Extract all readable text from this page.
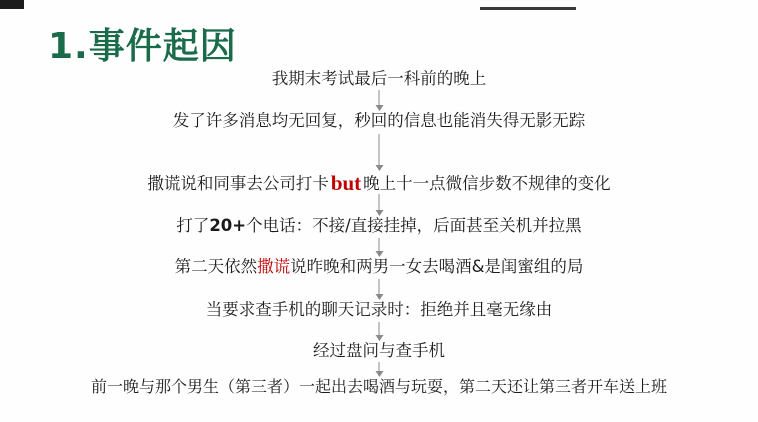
1.事件起因
我期末考试最后一科前的晚上
发了许多消息均无回复，秒回的信息也能消失得无影无踪
撒谎说和同事去公司打卡but 晚上十一点微信步数不规律的变化
打了20+个电话：不接/直接挂掉，后面甚至关机并拉黑
第二天依然撒谎说昨晚和两男一女去喝酒&是闺蜜组的局
当要求查手机的聊天记录时：拒绝并且毫无缘由
经过盘问与查手机
前一晚与那个男生（第三者）一起出去喝酒与玩耍，第二天还让第三者开车送上班
